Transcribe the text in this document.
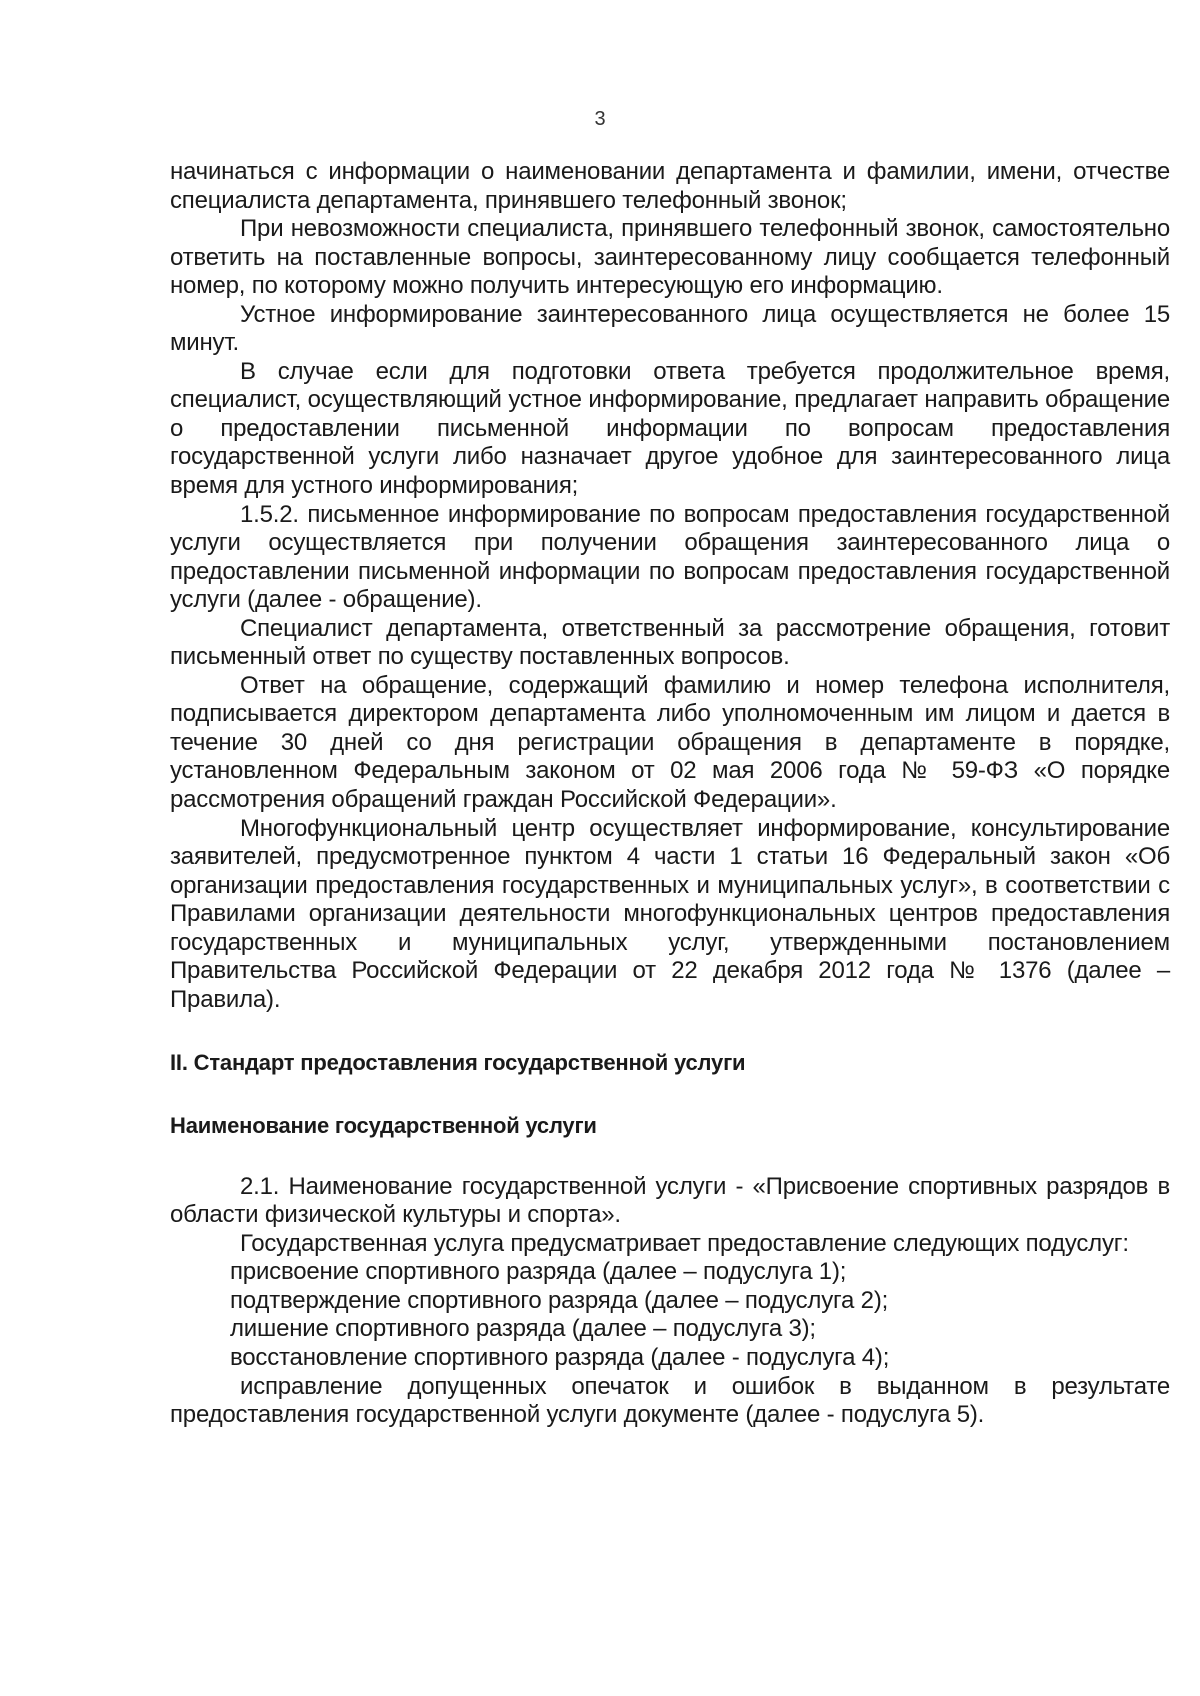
3

начинаться с информации о наименовании департамента и фамилии, имени, отчестве специалиста департамента, принявшего телефонный звонок;

При невозможности специалиста, принявшего телефонный звонок, самостоятельно ответить на поставленные вопросы, заинтересованному лицу сообщается телефонный номер, по которому можно получить интересующую его информацию.

Устное информирование заинтересованного лица осуществляется не более 15 минут.

В случае если для подготовки ответа требуется продолжительное время, специалист, осуществляющий устное информирование, предлагает направить обращение о предоставлении письменной информации по вопросам предоставления государственной услуги либо назначает другое удобное для заинтересованного лица время для устного информирования;

1.5.2. письменное информирование по вопросам предоставления государственной услуги осуществляется при получении обращения заинтересованного лица о предоставлении письменной информации по вопросам предоставления государственной услуги (далее - обращение).

Специалист департамента, ответственный за рассмотрение обращения, готовит письменный ответ по существу поставленных вопросов.

Ответ на обращение, содержащий фамилию и номер телефона исполнителя, подписывается директором департамента либо уполномоченным им лицом и дается в течение 30 дней со дня регистрации обращения в департаменте в порядке, установленном Федеральным законом от 02 мая 2006 года № 59-ФЗ «О порядке рассмотрения обращений граждан Российской Федерации».

Многофункциональный центр осуществляет информирование, консультирование заявителей, предусмотренное пунктом 4 части 1 статьи 16 Федеральный закон «Об организации предоставления государственных и муниципальных услуг», в соответствии с Правилами организации деятельности многофункциональных центров предоставления государственных и муниципальных услуг, утвержденными постановлением Правительства Российской Федерации от 22 декабря 2012 года № 1376 (далее – Правила).

II. Стандарт предоставления государственной услуги

Наименование государственной услуги

2.1. Наименование государственной услуги - «Присвоение спортивных разрядов в области физической культуры и спорта».

Государственная услуга предусматривает предоставление следующих подуслуг:

присвоение спортивного разряда (далее – подуслуга 1);

подтверждение спортивного разряда (далее – подуслуга 2);

лишение спортивного разряда (далее – подуслуга 3);

восстановление спортивного разряда (далее - подуслуга 4);

исправление допущенных опечаток и ошибок в выданном в результате предоставления государственной услуги документе (далее - подуслуга 5).
